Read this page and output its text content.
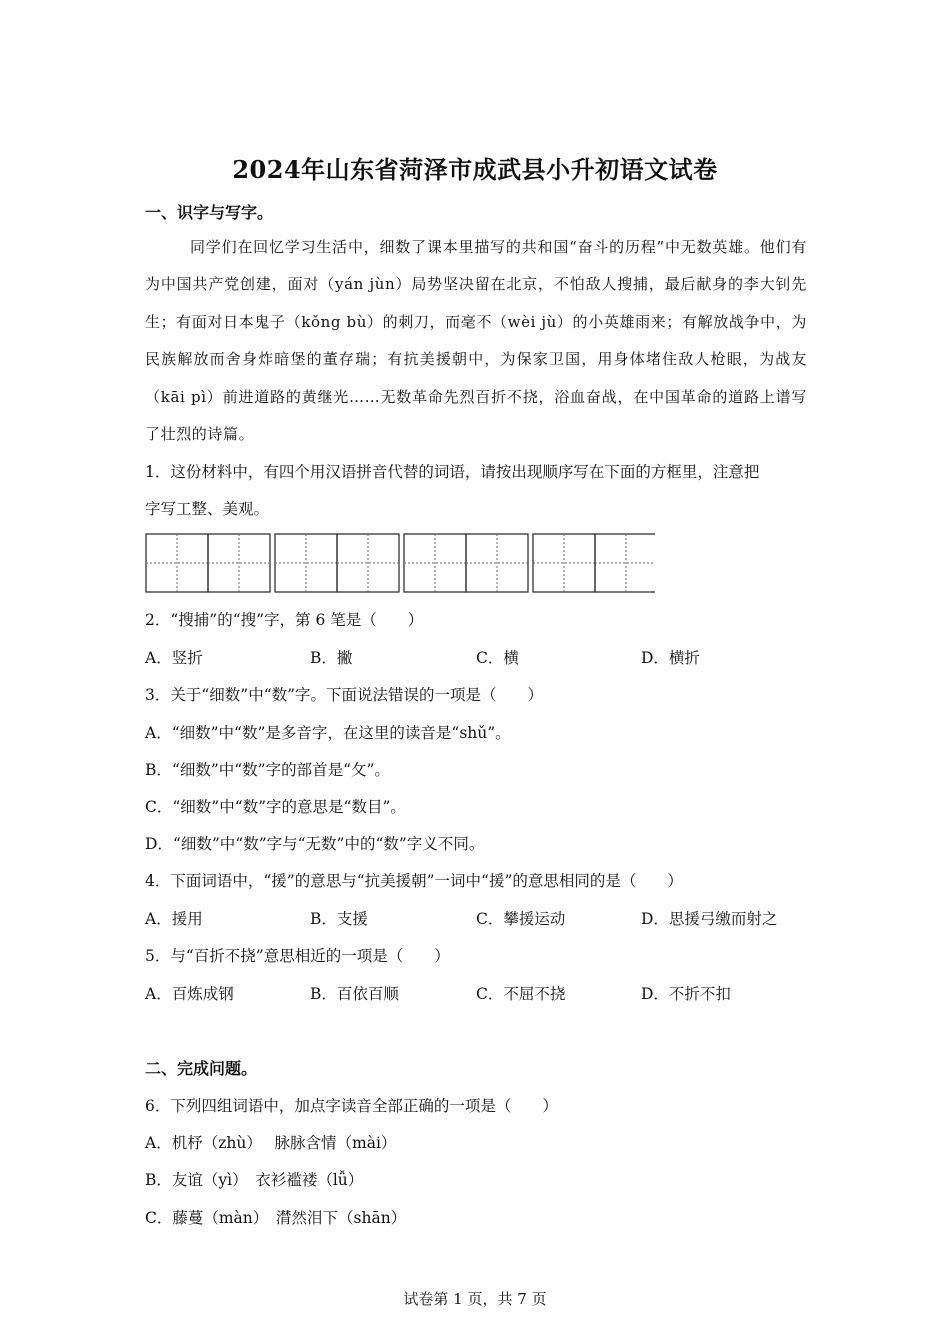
2024年山东省菏泽市成武县小升初语文试卷
一、识字与写字。
同学们在回忆学习生活中，细数了课本里描写的共和国“奋斗的历程”中无数英雄。他们有为中国共产党创建，面对（yán jùn）局势坚决留在北京，不怕敌人搜捕，最后献身的李大钊先生；有面对日本鬼子（kǒng bù）的刺刀，而毫不（wèi jù）的小英雄雨来；有解放战争中，为民族解放而舍身炸暗堡的董存瑞；有抗美援朝中，为保家卫国，用身体堵住敌人枪眼，为战友（kāi pì）前进道路的黄继光……无数革命先烈百折不挠，浴血奋战，在中国革命的道路上谱写了壮烈的诗篇。
1．这份材料中，有四个用汉语拼音代替的词语，请按出现顺序写在下面的方框里，注意把
字写工整、美观。
2．“搜捕”的“搜”字，第 6 笔是（　　）
A．竖折	B．撇	C．横	D．横折
3．关于“细数”中“数”字。下面说法错误的一项是（　　）
A．“细数”中“数”是多音字，在这里的读音是“shǔ”。
B．“细数”中“数”字的部首是“攵”。
C．“细数”中“数”字的意思是“数目”。
D．“细数”中“数”字与“无数”中的“数”字义不同。
4．下面词语中，“援”的意思与“抗美援朝”一词中“援”的意思相同的是（　　）
A．援用	B．支援	C．攀援运动	D．思援弓缴而射之
5．与“百折不挠”意思相近的一项是（　　）
A．百炼成钢	B．百依百顺	C．不屈不挠	D．不折不扣
二、完成问题。
6．下列四组词语中，加点字读音全部正确的一项是（　　）
A．机杼（zhù）　 脉脉含情（mài）
B．友谊（yì）　衣衫褴褛（lǚ）
C．藤蔓（màn）　潸然泪下（shān）
试卷第 1 页，共 7 页
